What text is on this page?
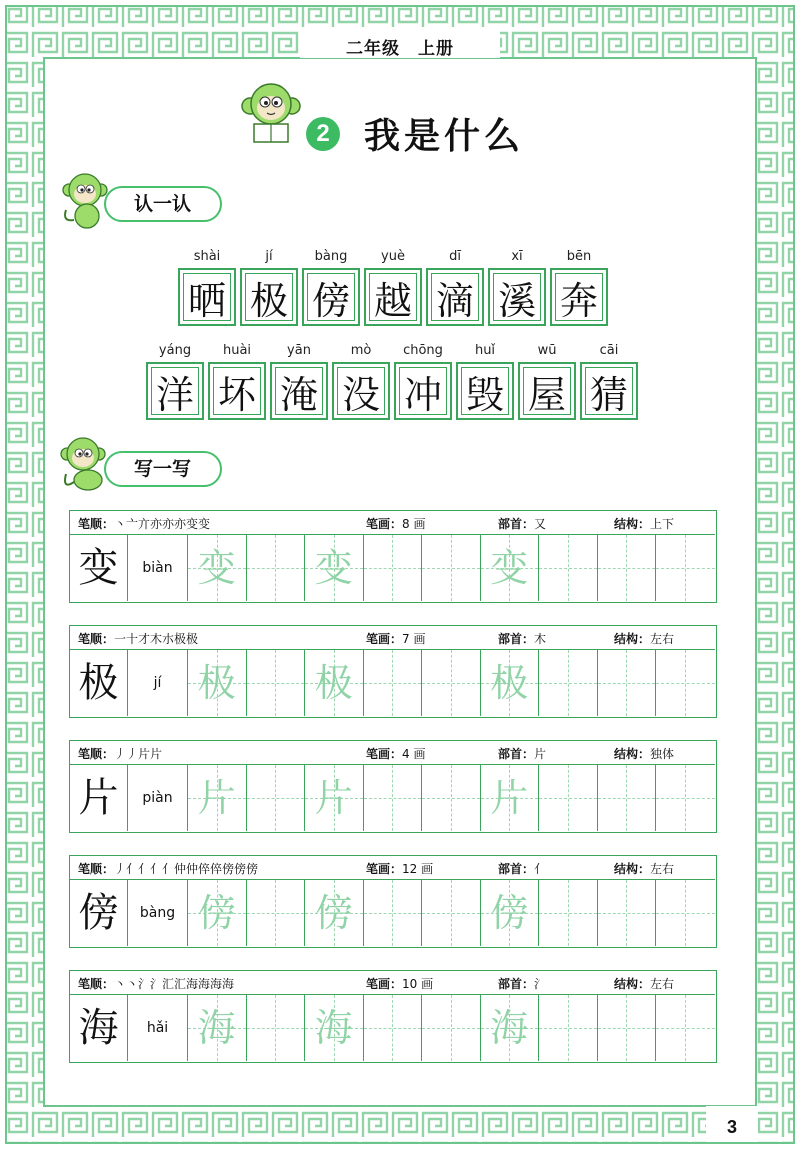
二年级　上册
2 我是什么
认一认
shài
晒
jí
极
bàng
傍
yuè
越
dī
滴
xī
溪
bēn
奔
yáng
洋
huài
坏
yān
淹
mò
没
chōng
冲
huǐ
毁
wū
屋
cāi
猜
写一写
笔顺：丶亠亣亦亦亦变变	笔画：8 画	部首：又	结构：上下
变	biàn 变 变	变
笔顺：一十才木朩极极	笔画：7 画	部首：木	结构：左右
极	jí 极 极	极
笔顺：丿丿片片	笔画：4 画	部首：片	结构：独体
片	piàn 片 片	片
笔顺：丿亻亻亻亻仲仲倅倅傍傍傍	笔画：12 画	部首：亻	结构：左右
傍	bàng 傍 傍	傍
笔顺：丶丶氵氵汇汇海海海海	笔画：10 画	部首：氵	结构：左右
海	hǎi 海 海	海
3
